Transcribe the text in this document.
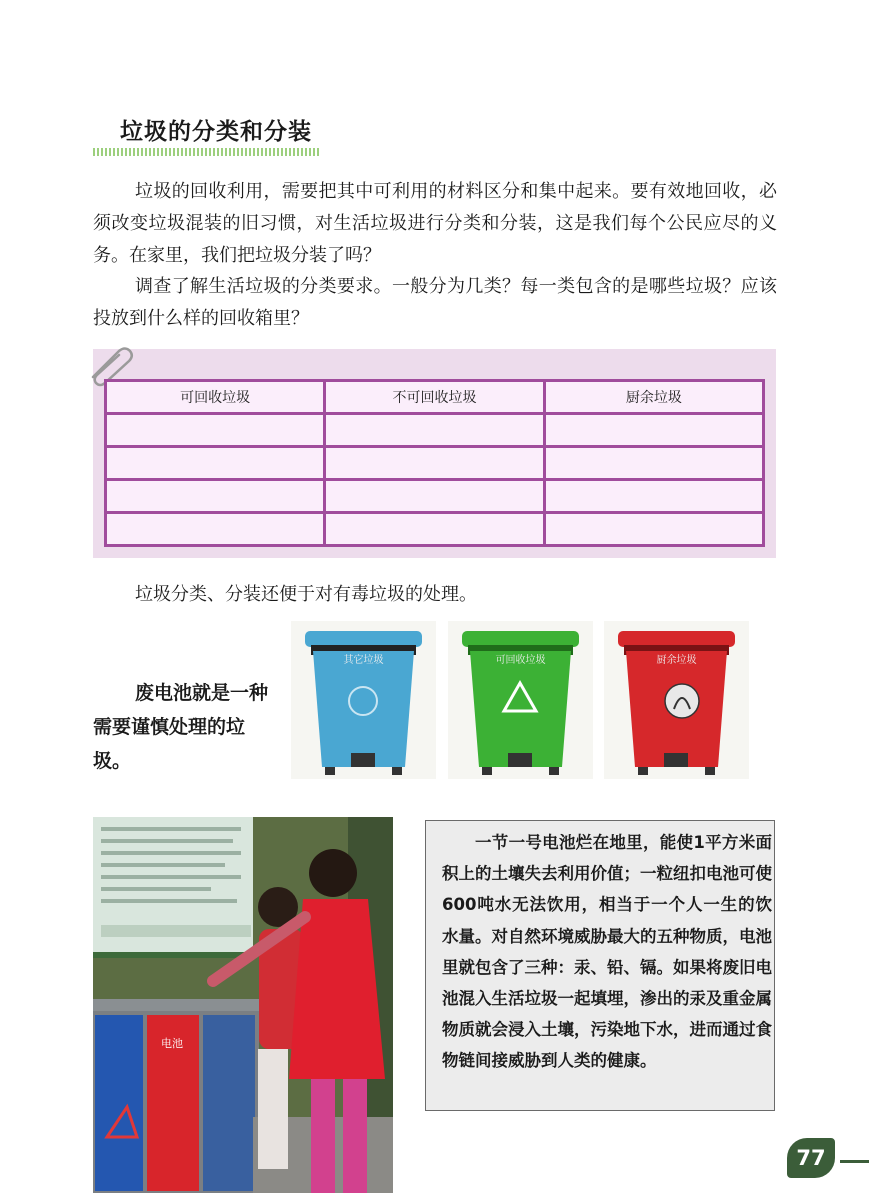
垃圾的分类和分装

垃圾的回收利用，需要把其中可利用的材料区分和集中起来。要有效地回收，必须改变垃圾混装的旧习惯，对生活垃圾进行分类和分装，这是我们每个公民应尽的义务。在家里，我们把垃圾分装了吗？

调查了解生活垃圾的分类要求。一般分为几类？每一类包含的是哪些垃圾？应该投放到什么样的回收箱里？

可回收垃圾	不可回收垃圾	厨余垃圾

垃圾分类、分装还便于对有毒垃圾的处理。

废电池就是一种需要谨慎处理的垃圾。

其它垃圾	可回收垃圾	厨余垃圾
电池

一节一号电池烂在地里，能使1平方米面积上的土壤失去利用价值；一粒纽扣电池可使600吨水无法饮用，相当于一个人一生的饮水量。对自然环境威胁最大的五种物质，电池里就包含了三种：汞、铅、镉。如果将废旧电池混入生活垃圾一起填埋，渗出的汞及重金属物质就会浸入土壤，污染地下水，进而通过食物链间接威胁到人类的健康。

77
